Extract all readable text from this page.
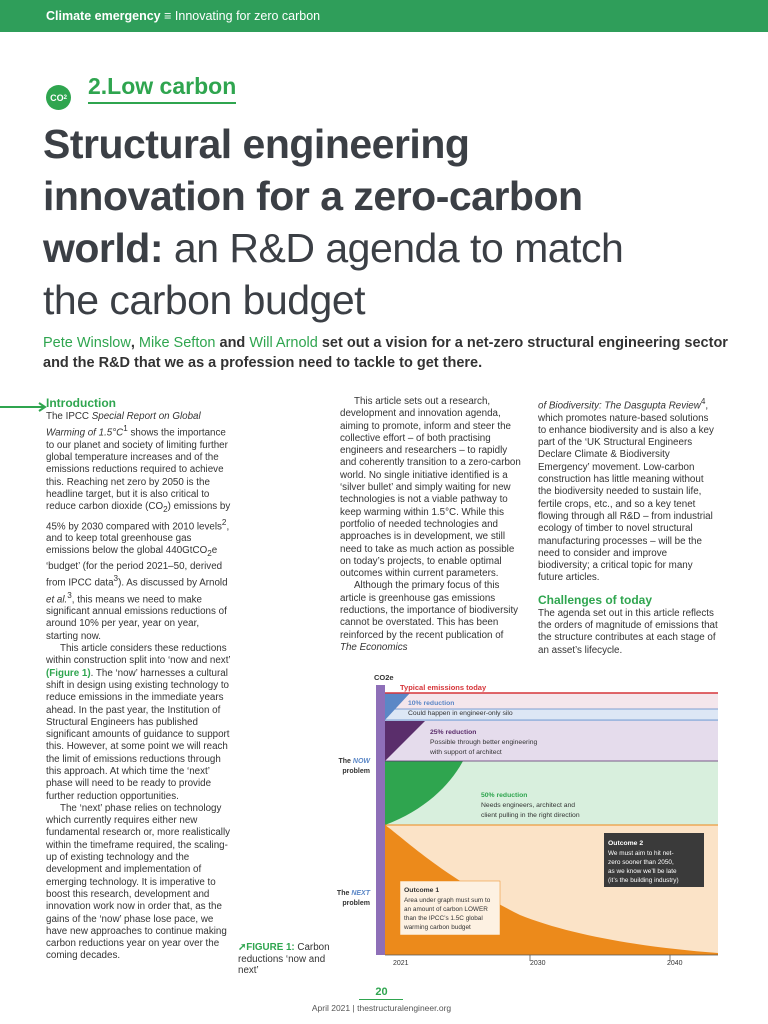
Climate emergency ≡ Innovating for zero carbon
CO 2 2.Low carbon
Structural engineering
innovation for a zero-carbon
world: an R&D agenda to match
the carbon budget
Pete Winslow, Mike Sefton and Will Arnold set out a vision for a net-zero structural engineering sector and the R&D that we as a profession need to tackle to get there.
Introduction

The IPCC Special Report on Global Warming of $1.5^\circ C^1$ shows the importance to our planet and society of limiting further global temperature increases and of the emissions reductions required to achieve this. Reaching net zero by 2050 is the headline target, but it is also critical to reduce carbon dioxide $(CO_2)$ emissions by 45% by 2030 compared with 2010 levels$^2$, and to keep total greenhouse gas emissions below the global 440GtCO$_2$e ‘budget’ (for the period 2021–50, derived from IPCC data$^3$). As discussed by Arnold et al.$^3$, this means we need to make significant annual emissions reductions of around 10% per year, year on year, starting now.

This article considers these reductions within construction split into ‘now and next’ (Figure 1). The ‘now’ harnesses a cultural shift in design using existing technology to reduce emissions in the immediate years ahead. In the past year, the Institution of Structural Engineers has published significant amounts of guidance to support this. However, at some point we will reach the limit of emissions reductions through this approach. At which time the ‘next’ phase will need to be ready to provide further reduction opportunities.

The ‘next’ phase relies on technology which currently requires either new fundamental research or, more realistically within the timeframe required, the scaling-up of existing technology and the development and implementation of emerging technology. It is imperative to boost this research, development and innovation work now in order that, as the gains of the ‘now’ phase lose pace, we have new approaches to continue making carbon reductions year on year over the coming decades.

This article sets out a research, development and innovation agenda, aiming to promote, inform and steer the collective effort – of both practising engineers and researchers – to rapidly and coherently transition to a zero-carbon world. No single initiative identified is a ‘silver bullet’ and simply waiting for new technologies is not a viable pathway to keep warming within 1.5°C. While this portfolio of needed technologies and approaches is in development, we still need to take as much action as possible on today’s projects, to enable optimal outcomes within current parameters.

Although the primary focus of this article is greenhouse gas emissions reductions, the importance of biodiversity cannot be overstated. This has been reinforced by the recent publication of The Economics

of Biodiversity: The Dasgupta Review$^4$, which promotes nature-based solutions to enhance biodiversity and is also a key part of the ‘UK Structural Engineers Declare Climate & Biodiversity Emergency’ movement. Low-carbon construction has little meaning without the biodiversity needed to sustain life, fertile crops, etc., and so a key tenet flowing through all R&D – from industrial ecology of timber to novel structural manufacturing processes – will be the need to consider and improve biodiversity; a critical topic for many future articles.

Challenges of today

The agenda set out in this article reflects the orders of magnitude of emissions that the structure contributes at each stage of an asset’s lifecycle.

CO2e
Typical emissions today
10% reduction
Could happen in engineer-only silo
25% reduction
Possible through better engineering
with support of architect
50% reduction
Needs engineers, architect and
client pulling in the right direction
The NOW
problem
The NEXT
problem
Outcome 1
Area under graph must sum to
an amount of carbon LOWER
than the IPCC’s 1.5C global
warming carbon budget
Outcome 2
We must aim to hit net-
zero sooner than 2050,
as we know we’ll be late
(it’s the building industry)
2021	2030	2040
➚FIGURE 1: Carbon reductions ‘now and next’
20
April 2021 | thestructuralengineer.org
